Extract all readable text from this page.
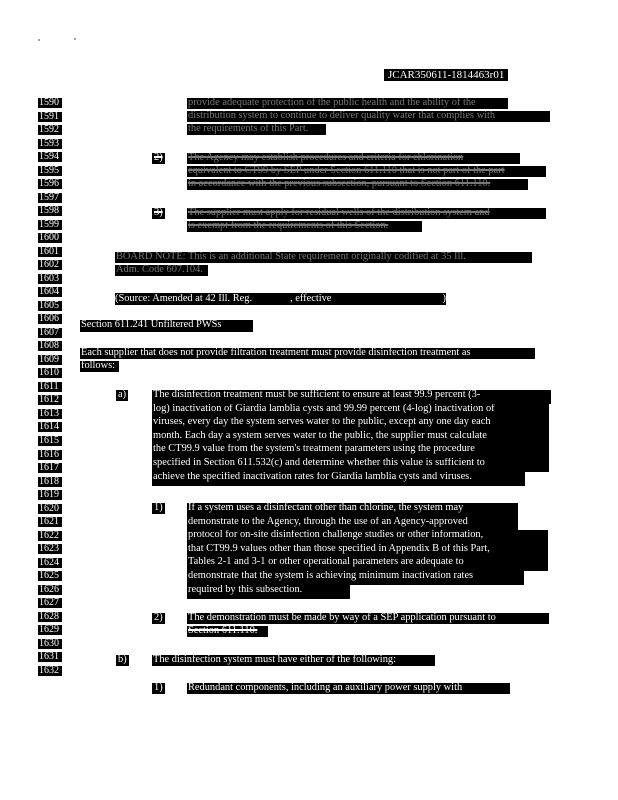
JCAR350611-1814463r01
1590
1591
1592
1593
1594
1595
1596
1597
1598
1599
1600
1601
1602
1603
1604
1605
1606
1607
1608
1609
1610
1611
1612
1613
1614
1615
1616
1617
1618
1619
1620
1621
1622
1623
1624
1625
1626
1627
1628
1629
1630
1631
1632
provide adequate protection of the public health and the ability of the
distribution system to continue to deliver quality water that complies with
the requirements of this Part.
2) The Agency may establish procedures and criteria for chlorination
equivalent to CT99 by SEP under Section 611.110 that is not part of the part
in accordance with the previous subsection, pursuant to Section 611.110.
3) The supplier must apply for residual wells of the distribution system and
is exempt from the requirements of this Section.
BOARD NOTE: This is an additional State requirement originally codified at 35 Ill.
Adm. Code 607.104.
(Source: Amended at 42 Ill. Reg.	, effective	)
Section 611.241 Unfiltered PWSs
Each supplier that does not provide filtration treatment must provide disinfection treatment as
follows:
a)	The disinfection treatment must be sufficient to ensure at least 99.9 percent (3-
log) inactivation of Giardia lamblia cysts and 99.99 percent (4-log) inactivation of
viruses, every day the system serves water to the public, except any one day each
month. Each day a system serves water to the public, the supplier must calculate
the CT99.9 value from the system's treatment parameters using the procedure
specified in Section 611.532(c) and determine whether this value is sufficient to
achieve the specified inactivation rates for Giardia lamblia cysts and viruses.
1) If a system uses a disinfectant other than chlorine, the system may
demonstrate to the Agency, through the use of an Agency-approved
protocol for on-site disinfection challenge studies or other information,
that CT99.9 values other than those specified in Appendix B of this Part,
Tables 2-1 and 3-1 or other operational parameters are adequate to
demonstrate that the system is achieving minimum inactivation rates
required by this subsection.
2) The demonstration must be made by way of a SEP application pursuant to
Section 611.110.
b)	The disinfection system must have either of the following:
1) Redundant components, including an auxiliary power supply with
